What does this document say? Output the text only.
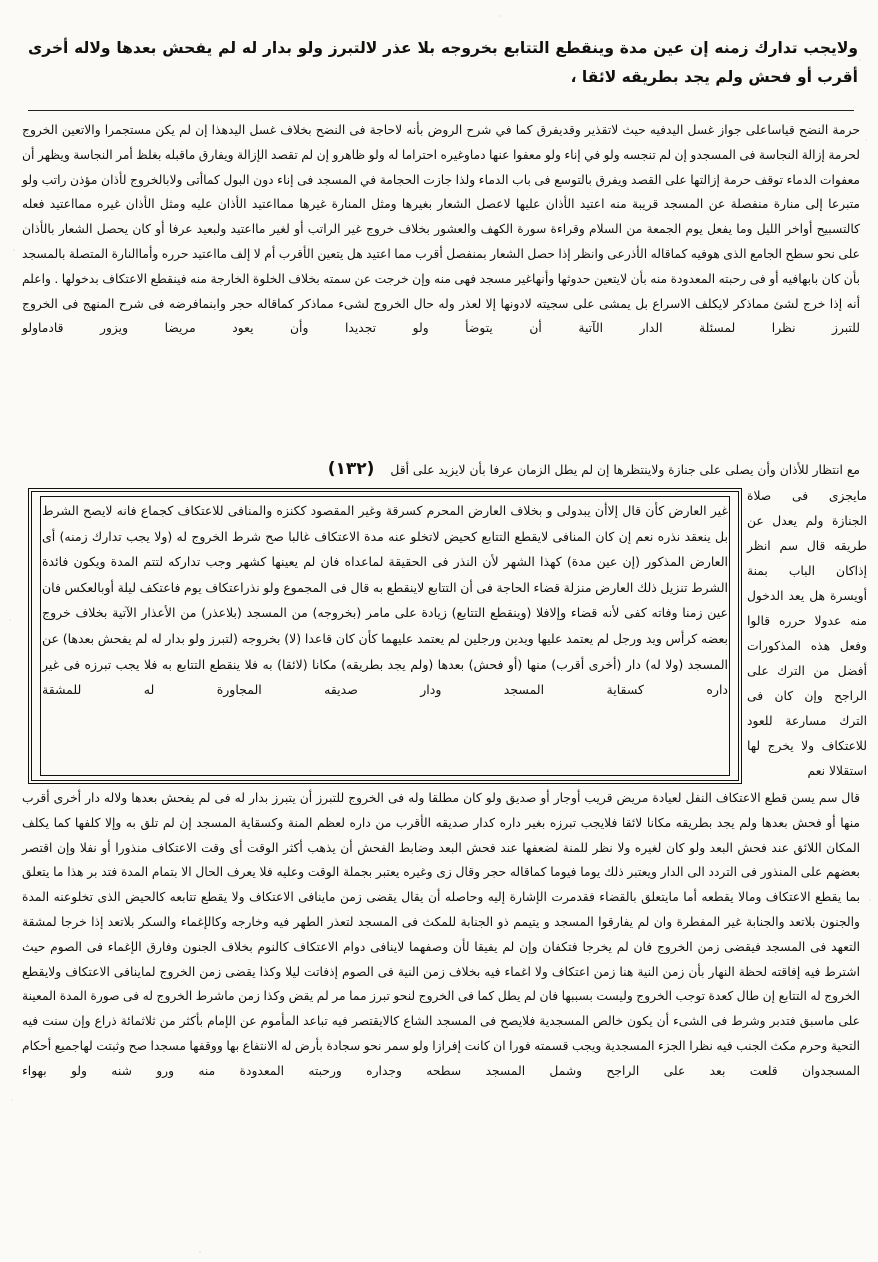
ولايجب تدارك زمنه إن عين مدة وينقطع التتابع بخروجه بلا عذر لالتبرز ولو بدار له لم يفحش بعدها ولاله أخرى أقرب أو فحش ولم يجد بطريقه لائقا ،
حرمة النضح قياساعلى جواز غسل اليدفيه حيث لاتقذير وقديفرق كما في شرح الروض بأنه لاحاجة فى النضح بخلاف غسل اليدهذا إن لم يكن مستجمرا والاتعين الخروج لحرمة إزالة النجاسة فى المسجدو إن لم تنجسه ولو في إناء ولو معفوا عنها دماوغيره احتراما له ولو ظاهرو إن لم تقصد الإزالة ويفارق ماقبله بغلظ أمر النجاسة ويظهر أن معفوات الدماء توقف حرمة إزالتها على القصد ويفرق بالتوسع فى باب الدماء ولذا جازت الحجامة في المسجد فى إناء دون البول كماأتى ولابالخروج لأذان مؤذن راتب ولو متبرعا إلى منارة منفصلة عن المسجد قريبة منه اعتيد الأذان عليها لاعصل الشعار بغيرها ومثل المنارة غيرها ممااعتيد الأذان عليه ومثل الأذان غيره ممااعتيد فعله كالتسبيح أواخر الليل وما يفعل يوم الجمعة من السلام وقراءة سورة الكهف والعشور بخلاف خروج غير الراتب أو لغير مااعتيد ولبعيد عرفا أو كان يحصل الشعار بالأذان على نحو سطح الجامع الذى هوفيه كماقاله الأذرعى وانظر إذا حصل الشعار بمنفصل أقرب مما اعتيد هل يتعين الأقرب أم لا إلف مااعتيد حرره وأماالنارة المتصلة بالمسجد بأن كان بابهافيه أو فى رحبته المعدودة منه بأن لايتعين حدوثها وأنهاغير مسجد فهى منه وإن خرجت عن سمته بخلاف الخلوة الخارجة منه فينقطع الاعتكاف بدخولها . واعلم أنه إذا خرج لشئ مماذكر لايكلف الاسراع بل يمشى على سجيته لادونها إلا لعذر وله حال الخروج لشىء مماذكر كماقاله حجر وابنمافرضه فى شرح المنهج فى الخروج للتبرز نظرا لمسئلة الدار الآتية أن يتوضأ ولو تجديدا وأن يعود مريضا ويزور قادماولو
مع انتظار للأذان وأن يصلى على جنازة ولاينتظرها إن لم يطل الزمان عرفا بأن لايزيد على أقل (١٣٢)
مايجزى فى صلاة الجنازة ولم يعدل عن طريقه قال سم انظر إذاكان الباب بمنة أويسرة هل يعد الدخول منه عدولا حرره قالوا وفعل هذه المذكورات أفضل من الترك على الراجح وإن كان فى الترك مسارعة للعود للاعتكاف ولا يخرج لها استقلالا نعم
غير العارض كأن قال إلاأن يبدولى و بخلاف العارض المحرم كسرقة وغير المقصود ككنزه والمنافى للاعتكاف كجماع فانه لايصح الشرط بل ينعقد نذره نعم إن كان المنافى لايقطع التتابع كحيض لاتخلو عنه مدة الاعتكاف غالبا صح شرط الخروج له (ولا يجب تدارك زمنه) أى العارض المذكور (إن عين مدة) كهذا الشهر لأن النذر فى الحقيقة لماعداه فان لم يعينها كشهر وجب تداركه لتتم المدة ويكون فائدة الشرط تنزيل ذلك العارض منزلة قضاء الحاجة فى أن التتابع لاينقطع به قال فى المجموع ولو نذراعتكاف يوم فاعتكف ليلة أوبالعكس فان عين زمنا وفاته كفى لأنه قضاء وإلافلا (وينقطع التتابع) زيادة على مامر (بخروجه) من المسجد (بلاعذر) من الأعذار الآتية بخلاف خروج بعضه كرأس ويد ورجل لم يعتمد عليها ويدين ورجلين لم يعتمد عليهما كأن كان قاعدا (لا) بخروجه (لتبرز ولو بدار له لم يفحش بعدها) عن المسجد (ولا له) دار (أخرى أقرب) منها (أو فحش) بعدها (ولم يجد بطريقه) مكانا (لائقا) به فلا ينقطع التتابع به فلا يجب تبرزه فى غير داره كسقاية المسجد ودار صديقه المجاورة له للمشقة
قال سم يسن قطع الاعتكاف النفل لعيادة مريض قريب أوجار أو صديق ولو كان مطلقا وله فى الخروج للتبرز أن يتبرز بدار له فى لم يفحش بعدها ولاله دار أخرى أقرب منها أو فحش بعدها ولم يجد بطريقه مكانا لائقا فلايجب تبرزه بغير داره كدار صديقه الأقرب من داره لعظم المنة وكسقاية المسجد إن لم تلق به وإلا كلفها كما يكلف المكان اللائق عند فحش البعد ولو كان لغيره ولا نظر للمنة لضعفها عند فحش البعد وضابط الفحش أن يذهب أكثر الوقت أى وقت الاعتكاف منذورا أو نفلا وإن اقتصر بعضهم على المنذور فى التردد الى الدار ويعتبر ذلك يوما فيوما كماقاله حجر وقال زى وغيره يعتبر بجملة الوقت وعليه فلا يعرف الحال الا بتمام المدة فتد بر هذا ما يتعلق بما يقطع الاعتكاف ومالا يقطعه أما مايتعلق بالقضاء فقدمرت الإشارة إليه وحاصله أن يقال يقضى زمن ماينافى الاعتكاف ولا يقطع تتابعه كالحيض الذى تخلوعنه المدة والجنون بلاتعد والجنابة غير المفطرة وان لم يفارقوا المسجد و يتيمم ذو الجنابة للمكث فى المسجد لتعذر الطهر فيه وخارجه وكالإغماء والسكر بلاتعد إذا خرجا لمشقة التعهد فى المسجد فيقضى زمن الخروج فان لم يخرجا فتكفان وإن لم يفيقا لأن وصفهما لاينافى دوام الاعتكاف كالنوم بخلاف الجنون وفارق الإغماء فى الصوم حيث اشترط فيه إفاقته لحظة النهار بأن زمن النية هنا زمن اعتكاف ولا اغماء فيه بخلاف زمن النية فى الصوم إذفاتت ليلا وكذا يقضى زمن الخروج لماينافى الاعتكاف ولايقطع الخروج له التتابع إن طال كعدة توجب الخروج وليست بسببها فان لم يطل كما فى الخروج لنحو تبرز مما مر لم يقض وكذا زمن ماشرط الخروج له فى صورة المدة المعينة على ماسبق فتدبر وشرط فى الشىء أن يكون خالص المسجدية فلايصح فى المسجد الشاع كالايقتصر فيه تباعد المأموم عن الإمام بأكثر من ثلاثمائة ذراع وإن سنت فيه التحية وحرم مكث الجنب فيه نظرا الجزء المسجدية ويجب قسمته فورا ان كانت إفرازا ولو سمر نحو سجادة بأرض له الانتفاع بها ووقفها مسجدا صح وثبتت لهاجميع أحكام المسجدوان قلعت بعد على الراجح وشمل المسجد سطحه وجداره ورحبته المعدودة منه ورو شنه ولو بهواء
